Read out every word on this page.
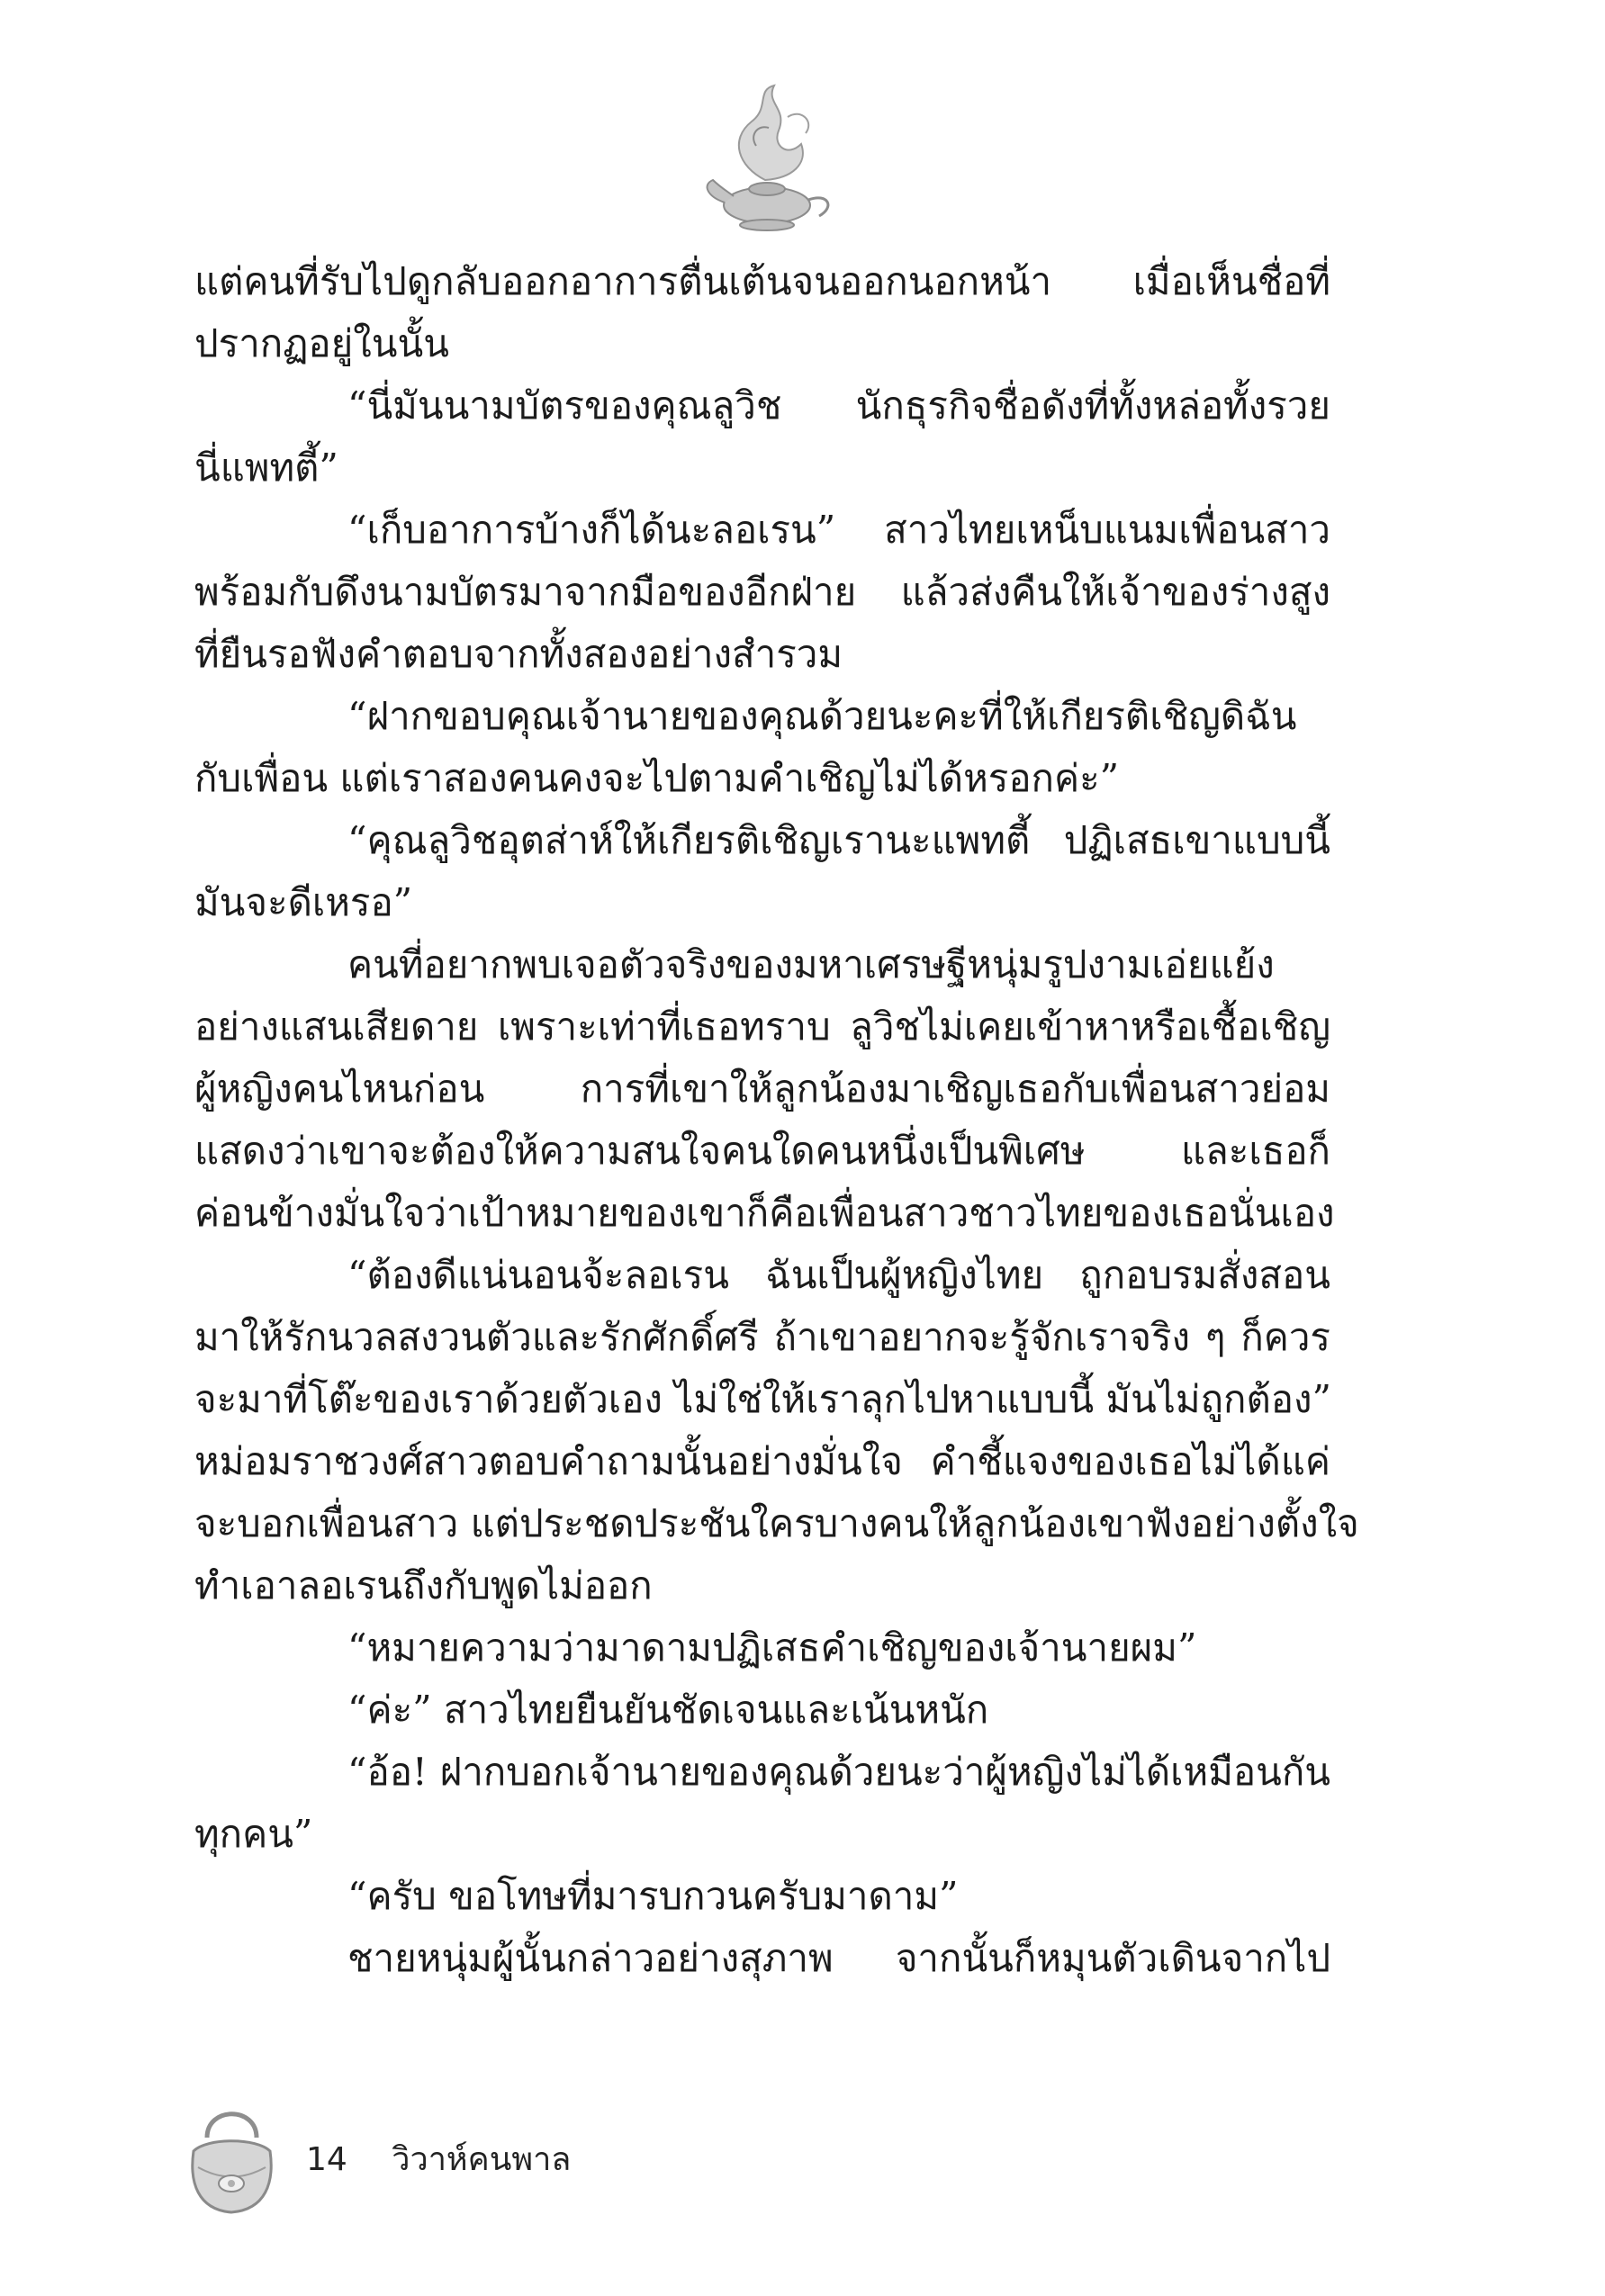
แต่คนที่รับไปดูกลับออกอาการตื่นเต้นจนออกนอกหน้า เมื่อเห็นชื่อที่
ปรากฏอยู่ในนั้น
“นี่มันนามบัตรของคุณลูวิช นักธุรกิจชื่อดังที่ทั้งหล่อทั้งรวย
นี่แพทตี้”
“เก็บอาการบ้างก็ได้นะลอเรน” สาวไทยเหน็บแนมเพื่อนสาว
พร้อมกับดึงนามบัตรมาจากมือของอีกฝ่าย แล้วส่งคืนให้เจ้าของร่างสูง
ที่ยืนรอฟังคำตอบจากทั้งสองอย่างสำรวม
“ฝากขอบคุณเจ้านายของคุณด้วยนะคะที่ให้เกียรติเชิญดิฉัน
กับเพื่อน แต่เราสองคนคงจะไปตามคำเชิญไม่ได้หรอกค่ะ”
“คุณลูวิชอุตส่าห์ให้เกียรติเชิญเรานะแพทตี้ ปฏิเสธเขาแบบนี้
มันจะดีเหรอ”
คนที่อยากพบเจอตัวจริงของมหาเศรษฐีหนุ่มรูปงามเอ่ยแย้ง
อย่างแสนเสียดาย เพราะเท่าที่เธอทราบ ลูวิชไม่เคยเข้าหาหรือเชื้อเชิญ
ผู้หญิงคนไหนก่อน การที่เขาให้ลูกน้องมาเชิญเธอกับเพื่อนสาวย่อม
แสดงว่าเขาจะต้องให้ความสนใจคนใดคนหนึ่งเป็นพิเศษ และเธอก็
ค่อนข้างมั่นใจว่าเป้าหมายของเขาก็คือเพื่อนสาวชาวไทยของเธอนั่นเอง
“ต้องดีแน่นอนจ้ะลอเรน ฉันเป็นผู้หญิงไทย ถูกอบรมสั่งสอน
มาให้รักนวลสงวนตัวและรักศักดิ์ศรี ถ้าเขาอยากจะรู้จักเราจริง ๆ ก็ควร
จะมาที่โต๊ะของเราด้วยตัวเอง ไม่ใช่ให้เราลุกไปหาแบบนี้ มันไม่ถูกต้อง”
หม่อมราชวงศ์สาวตอบคำถามนั้นอย่างมั่นใจ คำชี้แจงของเธอไม่ได้แค่
จะบอกเพื่อนสาว แต่ประชดประชันใครบางคนให้ลูกน้องเขาฟังอย่างตั้งใจ
ทำเอาลอเรนถึงกับพูดไม่ออก
“หมายความว่ามาดามปฏิเสธคำเชิญของเจ้านายผม”
“ค่ะ” สาวไทยยืนยันชัดเจนและเน้นหนัก
“อ้อ! ฝากบอกเจ้านายของคุณด้วยนะว่าผู้หญิงไม่ได้เหมือนกัน
ทุกคน”
“ครับ ขอโทษที่มารบกวนครับมาดาม”
ชายหนุ่มผู้นั้นกล่าวอย่างสุภาพ จากนั้นก็หมุนตัวเดินจากไป
14 วิวาห์คนพาล
